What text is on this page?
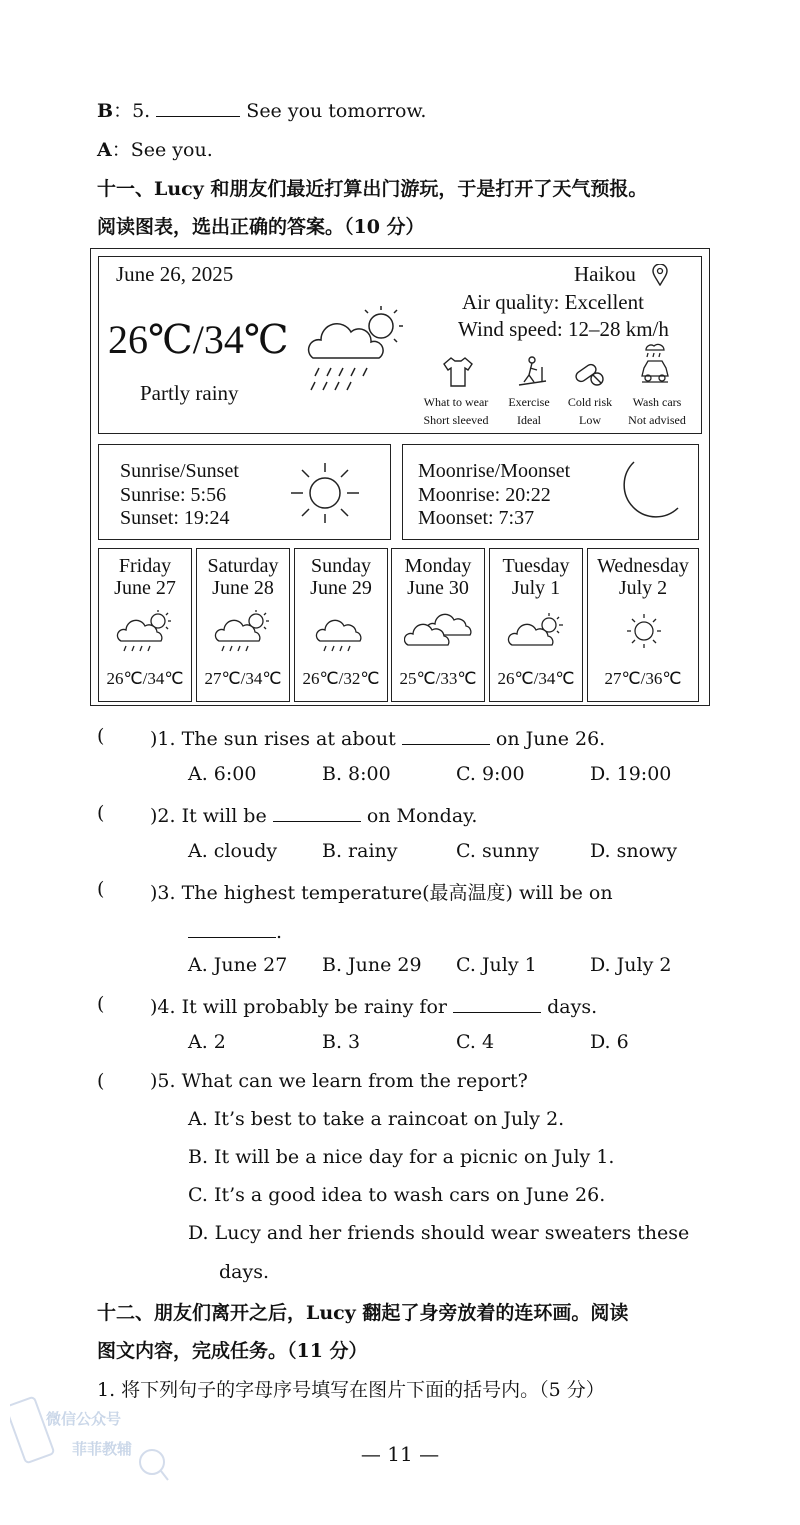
B：5.	See you tomorrow.
A：See you.
十一、Lucy 和朋友们最近打算出门游玩，于是打开了天气预报。
阅读图表，选出正确的答案。（10 分）
June 26, 2025	Haikou
Air quality: Excellent
Wind speed: 12–28 km/h
26℃/34℃
Partly rainy	What to wear
Short sleeved
Exercise
Ideal
Cold risk
Low
Wash cars
Not advised
Sunrise/Sunset
Sunrise: 5:56
Sunset: 19:24
Moonrise/Moonset
Moonrise: 20:22
Moonset: 7:37
Friday
June 27
26℃/34℃
Saturday
June 28
27℃/34℃
Sunday
June 29
26℃/32℃
Monday
June 30
25℃/33℃
Tuesday
July 1
26℃/34℃
Wednesday
July 2
27℃/36℃
( )1. The sun rises at about	on June 26.
A. 6:00	B. 8:00	C. 9:00	D. 19:00
( )2. It will be	on Monday.
A. cloudy	B. rainy	C. sunny	D. snowy
( )3. The highest temperature(最高温度) will be on
.
A. June 27	B. June 29	C. July 1	D. July 2
( )4. It will probably be rainy for	days.
A. 2	B. 3	C. 4	D. 6
( )5. What can we learn from the report?
A. It’s best to take a raincoat on July 2.
B. It will be a nice day for a picnic on July 1.
C. It’s a good idea to wash cars on June 26.
D. Lucy and her friends should wear sweaters these
days.
十二、朋友们离开之后，Lucy 翻起了身旁放着的连环画。阅读
图文内容，完成任务。（11 分）
1. 将下列句子的字母序号填写在图片下面的括号内。（5 分）
微信公众号
菲菲教辅	— 11 —
